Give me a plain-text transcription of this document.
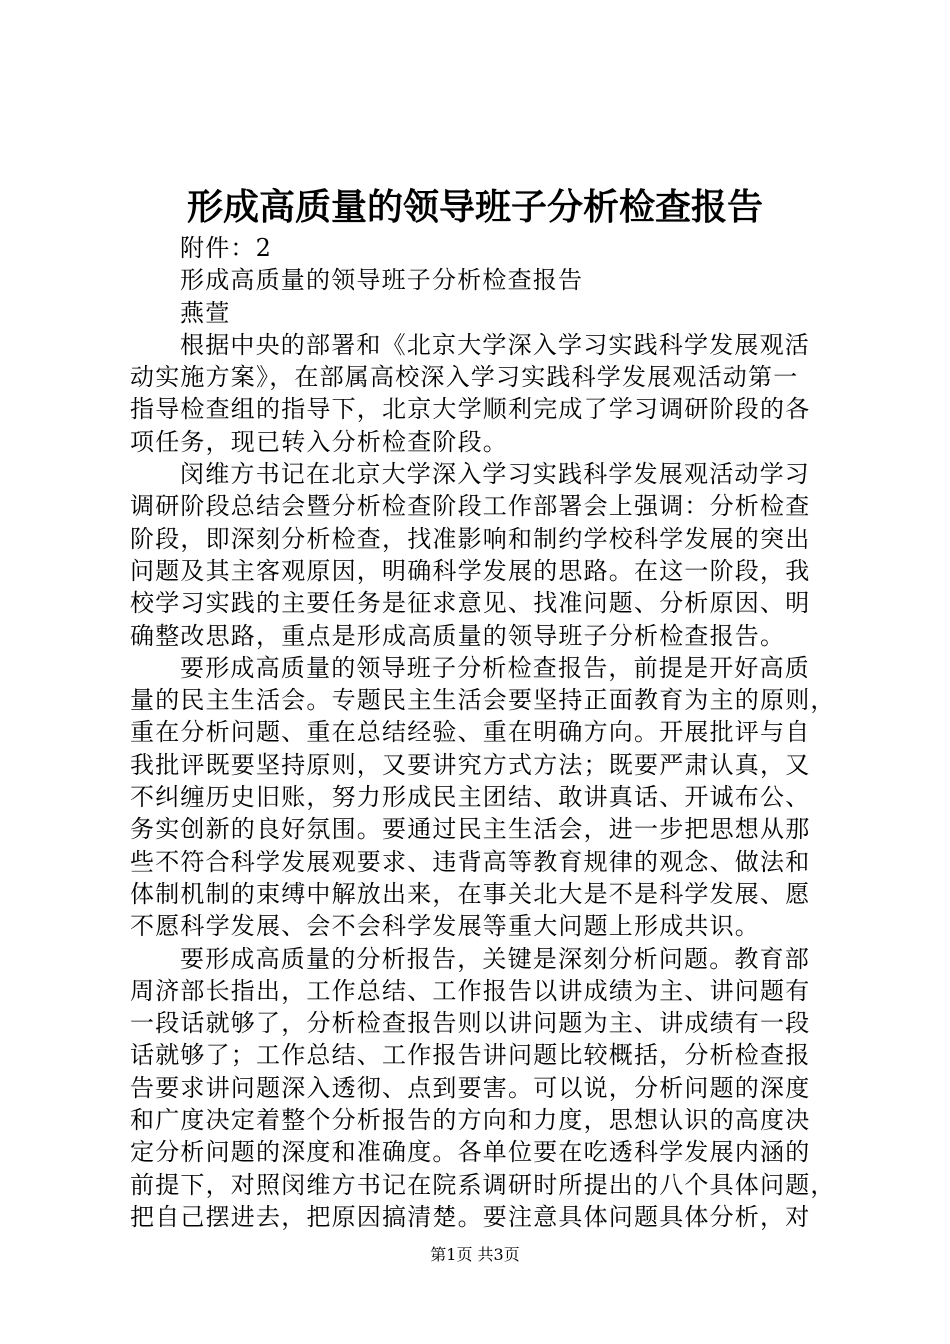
形成高质量的领导班子分析检查报告
附件：2
形成高质量的领导班子分析检查报告
燕萱
根据中央的部署和《北京大学深入学习实践科学发展观活
动实施方案》，在部属高校深入学习实践科学发展观活动第一
指导检查组的指导下，北京大学顺利完成了学习调研阶段的各
项任务，现已转入分析检查阶段。
闵维方书记在北京大学深入学习实践科学发展观活动学习
调研阶段总结会暨分析检查阶段工作部署会上强调：分析检查
阶段，即深刻分析检查，找准影响和制约学校科学发展的突出
问题及其主客观原因，明确科学发展的思路。在这一阶段，我
校学习实践的主要任务是征求意见、找准问题、分析原因、明
确整改思路，重点是形成高质量的领导班子分析检查报告。
要形成高质量的领导班子分析检查报告，前提是开好高质
量的民主生活会。专题民主生活会要坚持正面教育为主的原则，
重在分析问题、重在总结经验、重在明确方向。开展批评与自
我批评既要坚持原则，又要讲究方式方法；既要严肃认真，又
不纠缠历史旧账，努力形成民主团结、敢讲真话、开诚布公、
务实创新的良好氛围。要通过民主生活会，进一步把思想从那
些不符合科学发展观要求、违背高等教育规律的观念、做法和
体制机制的束缚中解放出来，在事关北大是不是科学发展、愿
不愿科学发展、会不会科学发展等重大问题上形成共识。
要形成高质量的分析报告，关键是深刻分析问题。教育部
周济部长指出，工作总结、工作报告以讲成绩为主、讲问题有
一段话就够了，分析检查报告则以讲问题为主、讲成绩有一段
话就够了；工作总结、工作报告讲问题比较概括，分析检查报
告要求讲问题深入透彻、点到要害。可以说，分析问题的深度
和广度决定着整个分析报告的方向和力度，思想认识的高度决
定分析问题的深度和准确度。各单位要在吃透科学发展内涵的
前提下，对照闵维方书记在院系调研时所提出的八个具体问题，
把自己摆进去，把原因搞清楚。要注意具体问题具体分析，对
第1页 共3页
